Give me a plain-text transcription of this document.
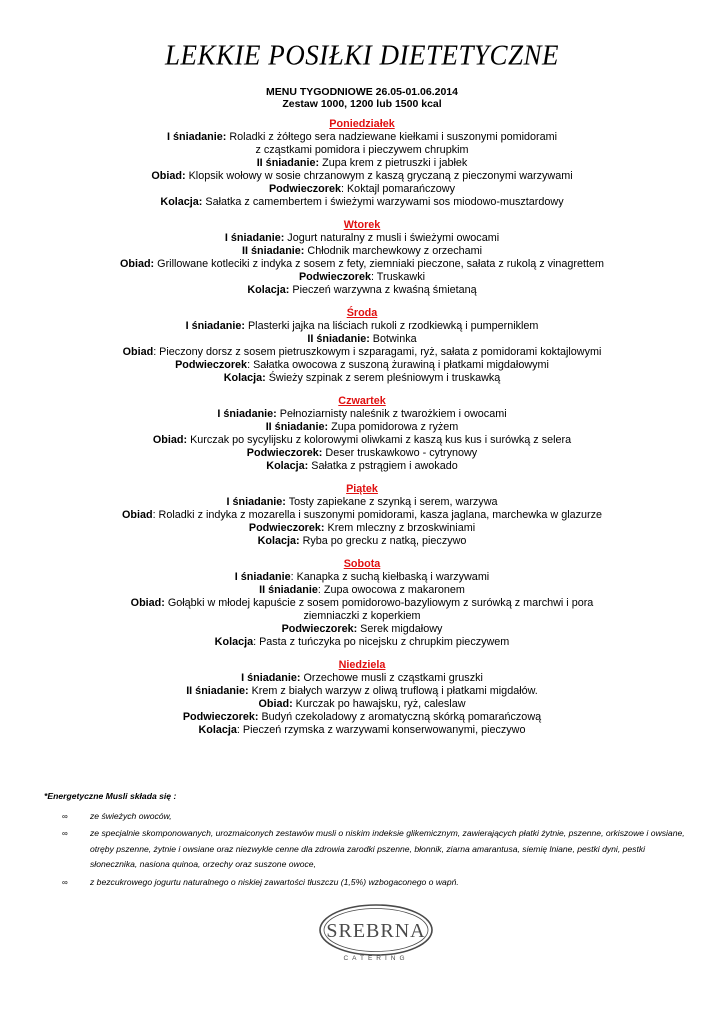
LEKKIE POSIŁKI DIETETYCZNE
MENU TYGODNIOWE 26.05-01.06.2014
Zestaw 1000, 1200 lub 1500 kcal
Poniedziałek
I śniadanie: Roladki z żółtego sera nadziewane kiełkami i suszonymi pomidorami
z cząstkami pomidora i pieczywem chrupkim
II śniadanie: Zupa krem z pietruszki i jabłek
Obiad: Klopsik wołowy w sosie chrzanowym z kaszą gryczaną z pieczonymi warzywami
Podwieczorek: Koktajl pomarańczowy
Kolacja: Sałatka z camembertem i świeżymi warzywami sos miodowo-musztardowy
Wtorek
I śniadanie: Jogurt naturalny z musli i świeżymi owocami
II śniadanie: Chłodnik marchewkowy z orzechami
Obiad: Grillowane kotleciki z indyka z sosem z fety, ziemniaki pieczone, sałata z rukolą z vinagrettem
Podwieczorek: Truskawki
Kolacja: Pieczeń warzywna z kwaśną śmietaną
Środa
I śniadanie: Plasterki jajka na liściach rukoli z rzodkiewką i pumperniklem
II śniadanie: Botwinka
Obiad: Pieczony dorsz z sosem pietruszkowym i szparagami, ryż, sałata z pomidorami koktajlowymi
Podwieczorek: Sałatka owocowa z suszoną żurawiną i płatkami migdałowymi
Kolacja: Świeży szpinak z serem pleśniowym i truskawką
Czwartek
I śniadanie: Pełnoziarnisty naleśnik z twarożkiem i owocami
II śniadanie: Zupa pomidorowa z ryżem
Obiad: Kurczak po sycylijsku z kolorowymi oliwkami z kaszą kus kus i surówką z selera
Podwieczorek: Deser truskawkowo - cytrynowy
Kolacja: Sałatka z pstrągiem i awokado
Piątek
I śniadanie: Tosty zapiekane z szynką i serem, warzywa
Obiad: Roladki z indyka z mozarella i suszonymi pomidorami, kasza jaglana, marchewka w glazurze
Podwieczorek: Krem mleczny z brzoskwiniami
Kolacja: Ryba po grecku z natką, pieczywo
Sobota
I śniadanie: Kanapka z suchą kiełbaską i warzywami
II śniadanie: Zupa owocowa z makaronem
Obiad: Gołąbki w młodej kapuście z sosem pomidorowo-bazyliowym z surówką z marchwi i pora ziemniaczki z koperkiem
Podwieczorek: Serek migdałowy
Kolacja: Pasta z tuńczyka po nicejsku z chrupkim pieczywem
Niedziela
I śniadanie: Orzechowe musli z cząstkami gruszki
II śniadanie: Krem z białych warzyw z oliwą truflową i płatkami migdałów.
Obiad: Kurczak po hawajsku, ryż, caleslaw
Podwieczorek: Budyń czekoladowy z aromatyczną skórką pomarańczową
Kolacja: Pieczeń rzymska z warzywami konserwowanymi, pieczywo
*Energetyczne Musli składa się :
∞	ze świeżych owoców,
∞	ze specjalnie skomponowanych, urozmaiconych zestawów musli o niskim indeksie glikemicznym, zawierających płatki żytnie, pszenne, orkiszowe i owsiane, otręby pszenne, żytnie i owsiane oraz niezwykle cenne dla zdrowia zarodki pszenne, błonnik, ziarna amarantusa, siemię lniane, pestki dyni, pestki słonecznika, nasiona quinoa, orzechy oraz suszone owoce,
∞	z bezcukrowego jogurtu naturalnego o niskiej zawartości tłuszczu (1,5%) wzbogaconego o wapń.
SREBRNA
CATERING
